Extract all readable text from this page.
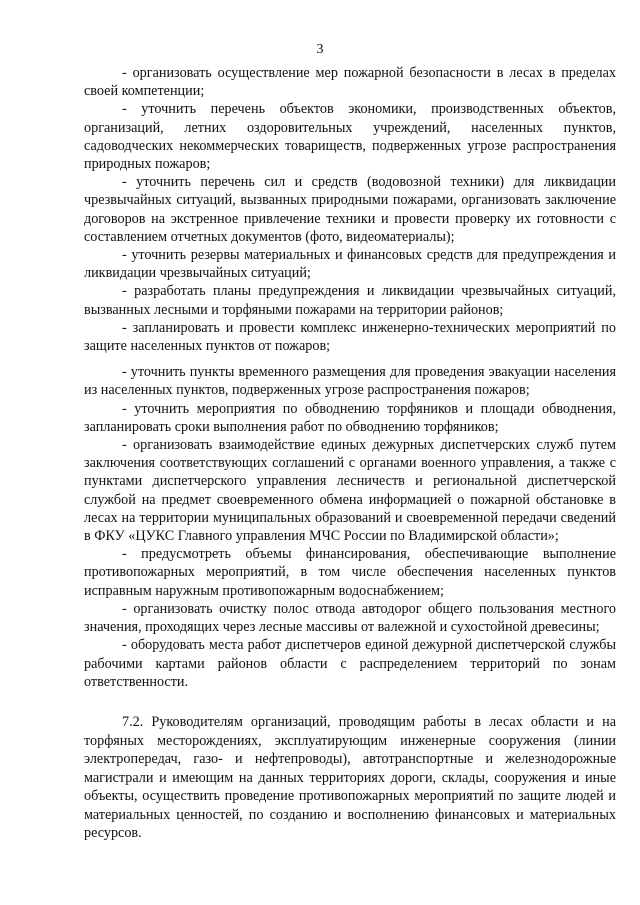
3

- организовать осуществление мер пожарной безопасности в лесах в пределах своей компетенции;

- уточнить перечень объектов экономики, производственных объектов, организаций, летних оздоровительных учреждений, населенных пунктов, садоводческих некоммерческих товариществ, подверженных угрозе распространения природных пожаров;

- уточнить перечень сил и средств (водовозной техники) для ликвидации чрезвычайных ситуаций, вызванных природными пожарами, организовать заключение договоров на экстренное привлечение техники и провести проверку их готовности с составлением отчетных документов (фото, видеоматериалы);

- уточнить резервы материальных и финансовых средств для предупреждения и ликвидации чрезвычайных ситуаций;

- разработать планы предупреждения и ликвидации чрезвычайных ситуаций, вызванных лесными и торфяными пожарами на территории районов;

- запланировать и провести комплекс инженерно-технических мероприятий по защите населенных пунктов от пожаров;

- уточнить пункты временного размещения для проведения эвакуации населения из населенных пунктов, подверженных угрозе распространения пожаров;

- уточнить мероприятия по обводнению торфяников и площади обводнения, запланировать сроки выполнения работ по обводнению торфяников;

- организовать взаимодействие единых дежурных диспетчерских служб путем заключения соответствующих соглашений с органами военного управления, а также с пунктами диспетчерского управления лесничеств и региональной диспетчерской службой на предмет своевременного обмена информацией о пожарной обстановке в лесах на территории муниципальных образований и своевременной передачи сведений в ФКУ «ЦУКС Главного управления МЧС России по Владимирской области»;

- предусмотреть объемы финансирования, обеспечивающие выполнение противопожарных мероприятий, в том числе обеспечения населенных пунктов исправным наружным противопожарным водоснабжением;

- организовать очистку полос отвода автодорог общего пользования местного значения, проходящих через лесные массивы от валежной и сухостойной древесины;

- оборудовать места работ диспетчеров единой дежурной диспетчерской службы рабочими картами районов области с распределением территорий по зонам ответственности.

7.2. Руководителям организаций, проводящим работы в лесах области и на торфяных месторождениях, эксплуатирующим инженерные сооружения (линии электропередач, газо- и нефтепроводы), автотранспортные и железнодорожные магистрали и имеющим на данных территориях дороги, склады, сооружения и иные объекты, осуществить проведение противопожарных мероприятий по защите людей и материальных ценностей, по созданию и восполнению финансовых и материальных ресурсов.
